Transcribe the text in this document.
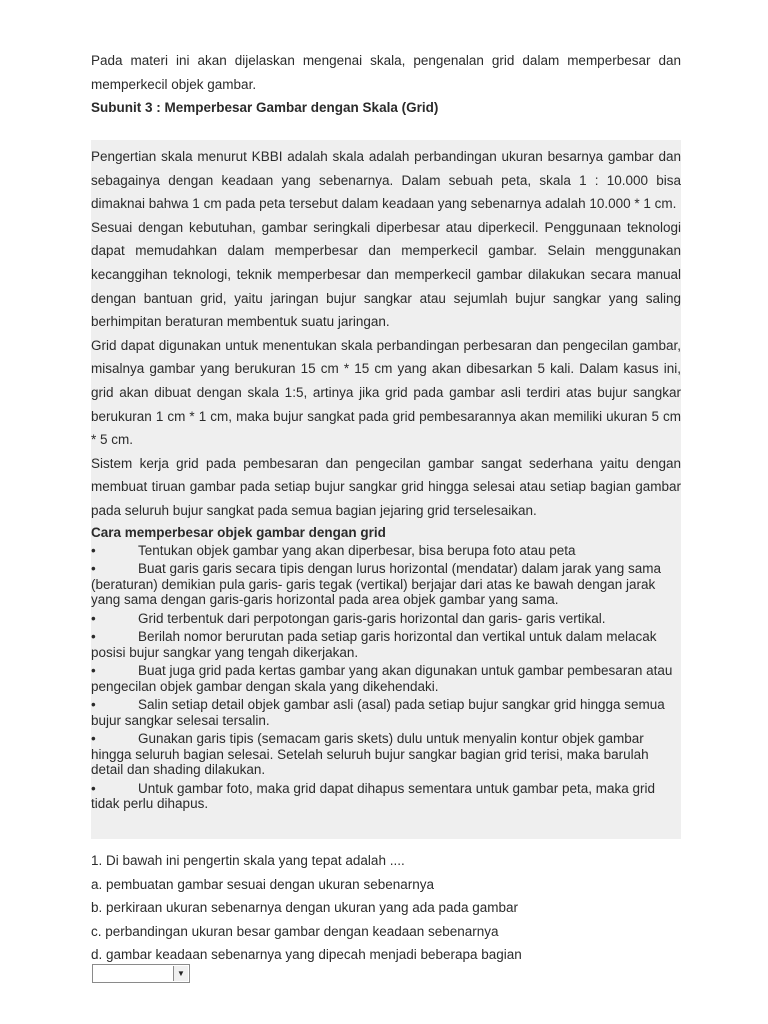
Pada materi ini akan dijelaskan mengenai skala, pengenalan grid dalam memperbesar dan memperkecil objek gambar.

Subunit 3 : Memperbesar Gambar dengan Skala (Grid)

Pengertian skala menurut KBBI adalah skala adalah perbandingan ukuran besarnya gambar dan sebagainya dengan keadaan yang sebenarnya. Dalam sebuah peta, skala 1 : 10.000 bisa dimaknai bahwa 1 cm pada peta tersebut dalam keadaan yang sebenarnya adalah 10.000 * 1 cm.

Sesuai dengan kebutuhan, gambar seringkali diperbesar atau diperkecil. Penggunaan teknologi dapat memudahkan dalam memperbesar dan memperkecil gambar. Selain menggunakan kecanggihan teknologi, teknik memperbesar dan memperkecil gambar dilakukan secara manual dengan bantuan grid, yaitu jaringan bujur sangkar atau sejumlah bujur sangkar yang saling berhimpitan beraturan membentuk suatu jaringan.

Grid dapat digunakan untuk menentukan skala perbandingan perbesaran dan pengecilan gambar, misalnya gambar yang berukuran 15 cm * 15 cm yang akan dibesarkan 5 kali. Dalam kasus ini, grid akan dibuat dengan skala 1:5, artinya jika grid pada gambar asli terdiri atas bujur sangkar berukuran 1 cm * 1 cm, maka bujur sangkat pada grid pembesarannya akan memiliki ukuran 5 cm * 5 cm.

Sistem kerja grid pada pembesaran dan pengecilan gambar sangat sederhana yaitu dengan membuat tiruan gambar pada setiap bujur sangkar grid hingga selesai atau setiap bagian gambar pada seluruh bujur sangkat pada semua bagian jejaring grid terselesaikan.

Cara memperbesar objek gambar dengan grid

•	Tentukan objek gambar yang akan diperbesar, bisa berupa foto atau peta
•	Buat garis garis secara tipis dengan lurus horizontal (mendatar) dalam jarak yang sama (beraturan) demikian pula garis- garis tegak (vertikal) berjajar dari atas ke bawah dengan jarak yang sama dengan garis-garis horizontal pada area objek gambar yang sama.
•	Grid terbentuk dari perpotongan garis-garis horizontal dan garis- garis vertikal.
•	Berilah nomor berurutan pada setiap garis horizontal dan vertikal untuk dalam melacak posisi bujur sangkar yang tengah dikerjakan.
•	Buat juga grid pada kertas gambar yang akan digunakan untuk gambar pembesaran atau pengecilan objek gambar dengan skala yang dikehendaki.
•	Salin setiap detail objek gambar asli (asal) pada setiap bujur sangkar grid hingga semua bujur sangkar selesai tersalin.
•	Gunakan garis tipis (semacam garis skets) dulu untuk menyalin kontur objek gambar hingga seluruh bagian selesai. Setelah seluruh bujur sangkar bagian grid terisi, maka barulah detail dan shading dilakukan.
•	Untuk gambar foto, maka grid dapat dihapus sementara untuk gambar peta, maka grid tidak perlu dihapus.

1. Di bawah ini pengertin skala yang tepat adalah ....

a. pembuatan gambar sesuai dengan ukuran sebenarnya

b. perkiraan ukuran sebenarnya dengan ukuran yang ada pada gambar

c. perbandingan ukuran besar gambar dengan keadaan sebenarnya

d. gambar keadaan sebenarnya yang dipecah menjadi beberapa bagian

▼
